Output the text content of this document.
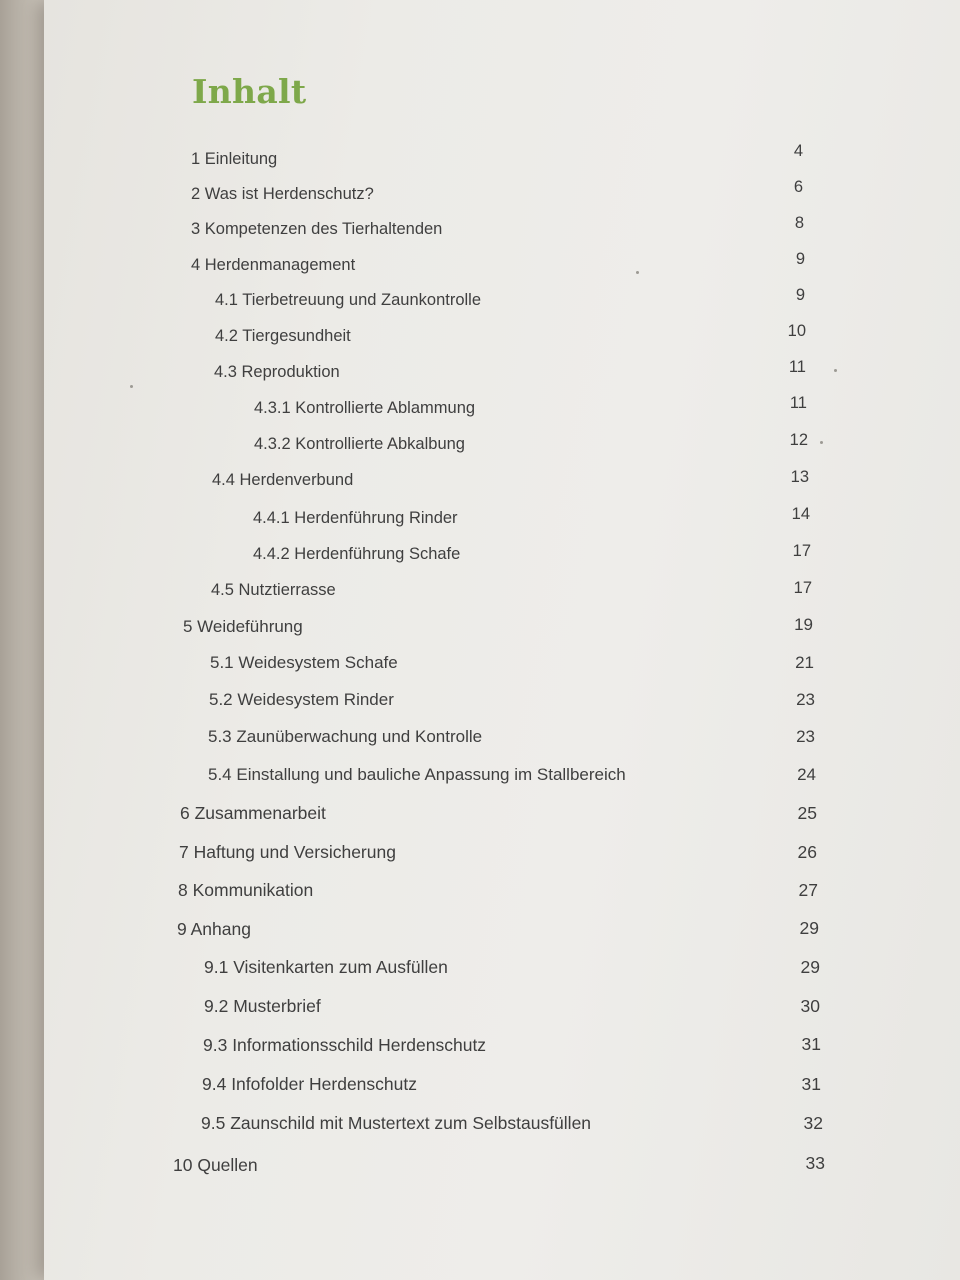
Inhalt
1 Einleitung	4
2 Was ist Herdenschutz?	6
3 Kompetenzen des Tierhaltenden	8
4 Herdenmanagement	9
4.1 Tierbetreuung und Zaunkontrolle	9
4.2 Tiergesundheit	10
4.3 Reproduktion	11
4.3.1 Kontrollierte Ablammung	11
4.3.2 Kontrollierte Abkalbung	12
4.4 Herdenverbund	13
4.4.1 Herdenführung Rinder	14
4.4.2 Herdenführung Schafe	17
4.5 Nutztierrasse	17
5 Weideführung	19
5.1 Weidesystem Schafe	21
5.2 Weidesystem Rinder	23
5.3 Zaunüberwachung und Kontrolle	23
5.4 Einstallung und bauliche Anpassung im Stallbereich	24
6 Zusammenarbeit	25
7 Haftung und Versicherung	26
8 Kommunikation	27
9 Anhang	29
9.1 Visitenkarten zum Ausfüllen	29
9.2 Musterbrief	30
9.3 Informationsschild Herdenschutz	31
9.4 Infofolder Herdenschutz	31
9.5 Zaunschild mit Mustertext zum Selbstausfüllen	32
10 Quellen	33
